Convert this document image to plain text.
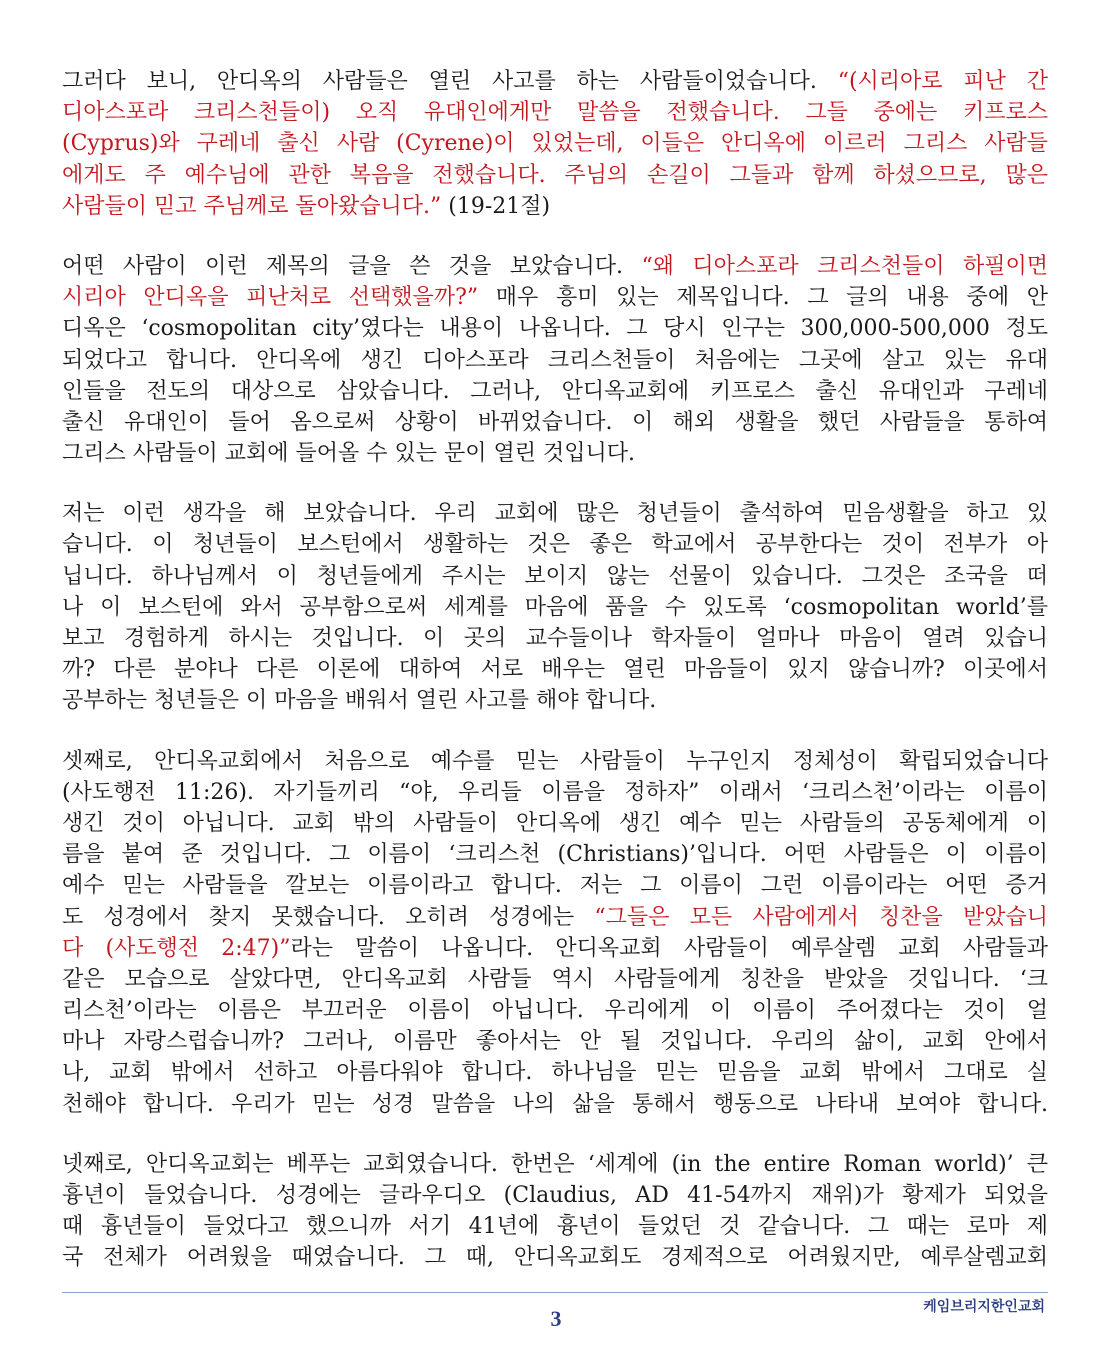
그러다 보니, 안디옥의 사람들은 열린 사고를 하는 사람들이었습니다. “(시리아로 피난 간
디아스포라 크리스천들이) 오직 유대인에게만 말씀을 전했습니다. 그들 중에는 키프로스
(Cyprus)와 구레네 출신 사람 (Cyrene)이 있었는데, 이들은 안디옥에 이르러 그리스 사람들
에게도 주 예수님에 관한 복음을 전했습니다. 주님의 손길이 그들과 함께 하셨으므로, 많은
사람들이 믿고 주님께로 돌아왔습니다.” (19-21절)
어떤 사람이 이런 제목의 글을 쓴 것을 보았습니다. “왜 디아스포라 크리스천들이 하필이면
시리아 안디옥을 피난처로 선택했을까?” 매우 흥미 있는 제목입니다. 그 글의 내용 중에 안
디옥은 ‘cosmopolitan city’였다는 내용이 나옵니다. 그 당시 인구는 300,000-500,000 정도
되었다고 합니다. 안디옥에 생긴 디아스포라 크리스천들이 처음에는 그곳에 살고 있는 유대
인들을 전도의 대상으로 삼았습니다. 그러나, 안디옥교회에 키프로스 출신 유대인과 구레네
출신 유대인이 들어 옴으로써 상황이 바뀌었습니다. 이 해외 생활을 했던 사람들을 통하여
그리스 사람들이 교회에 들어올 수 있는 문이 열린 것입니다.
저는 이런 생각을 해 보았습니다. 우리 교회에 많은 청년들이 출석하여 믿음생활을 하고 있
습니다. 이 청년들이 보스턴에서 생활하는 것은 좋은 학교에서 공부한다는 것이 전부가 아
닙니다. 하나님께서 이 청년들에게 주시는 보이지 않는 선물이 있습니다. 그것은 조국을 떠
나 이 보스턴에 와서 공부함으로써 세계를 마음에 품을 수 있도록 ‘cosmopolitan world’를
보고 경험하게 하시는 것입니다. 이 곳의 교수들이나 학자들이 얼마나 마음이 열려 있습니
까? 다른 분야나 다른 이론에 대하여 서로 배우는 열린 마음들이 있지 않습니까? 이곳에서
공부하는 청년들은 이 마음을 배워서 열린 사고를 해야 합니다.
셋째로, 안디옥교회에서 처음으로 예수를 믿는 사람들이 누구인지 정체성이 확립되었습니다
(사도행전 11:26). 자기들끼리 “야, 우리들 이름을 정하자” 이래서 ‘크리스천’이라는 이름이
생긴 것이 아닙니다. 교회 밖의 사람들이 안디옥에 생긴 예수 믿는 사람들의 공동체에게 이
름을 붙여 준 것입니다. 그 이름이 ‘크리스천 (Christians)’입니다. 어떤 사람들은 이 이름이
예수 믿는 사람들을 깔보는 이름이라고 합니다. 저는 그 이름이 그런 이름이라는 어떤 증거
도 성경에서 찾지 못했습니다. 오히려 성경에는 “그들은 모든 사람에게서 칭찬을 받았습니
다 (사도행전 2:47)”라는 말씀이 나옵니다. 안디옥교회 사람들이 예루살렘 교회 사람들과
같은 모습으로 살았다면, 안디옥교회 사람들 역시 사람들에게 칭찬을 받았을 것입니다. ‘크
리스천’이라는 이름은 부끄러운 이름이 아닙니다. 우리에게 이 이름이 주어졌다는 것이 얼
마나 자랑스럽습니까? 그러나, 이름만 좋아서는 안 될 것입니다. 우리의 삶이, 교회 안에서
나, 교회 밖에서 선하고 아름다워야 합니다. 하나님을 믿는 믿음을 교회 밖에서 그대로 실
천해야 합니다. 우리가 믿는 성경 말씀을 나의 삶을 통해서 행동으로 나타내 보여야 합니다.
넷째로, 안디옥교회는 베푸는 교회였습니다. 한번은 ‘세계에 (in the entire Roman world)’ 큰
흉년이 들었습니다. 성경에는 글라우디오 (Claudius, AD 41-54까지 재위)가 황제가 되었을
때 흉년들이 들었다고 했으니까 서기 41년에 흉년이 들었던 것 같습니다. 그 때는 로마 제
국 전체가 어려웠을 때였습니다. 그 때, 안디옥교회도 경제적으로 어려웠지만, 예루살렘교회
3	케임브리지한인교회
